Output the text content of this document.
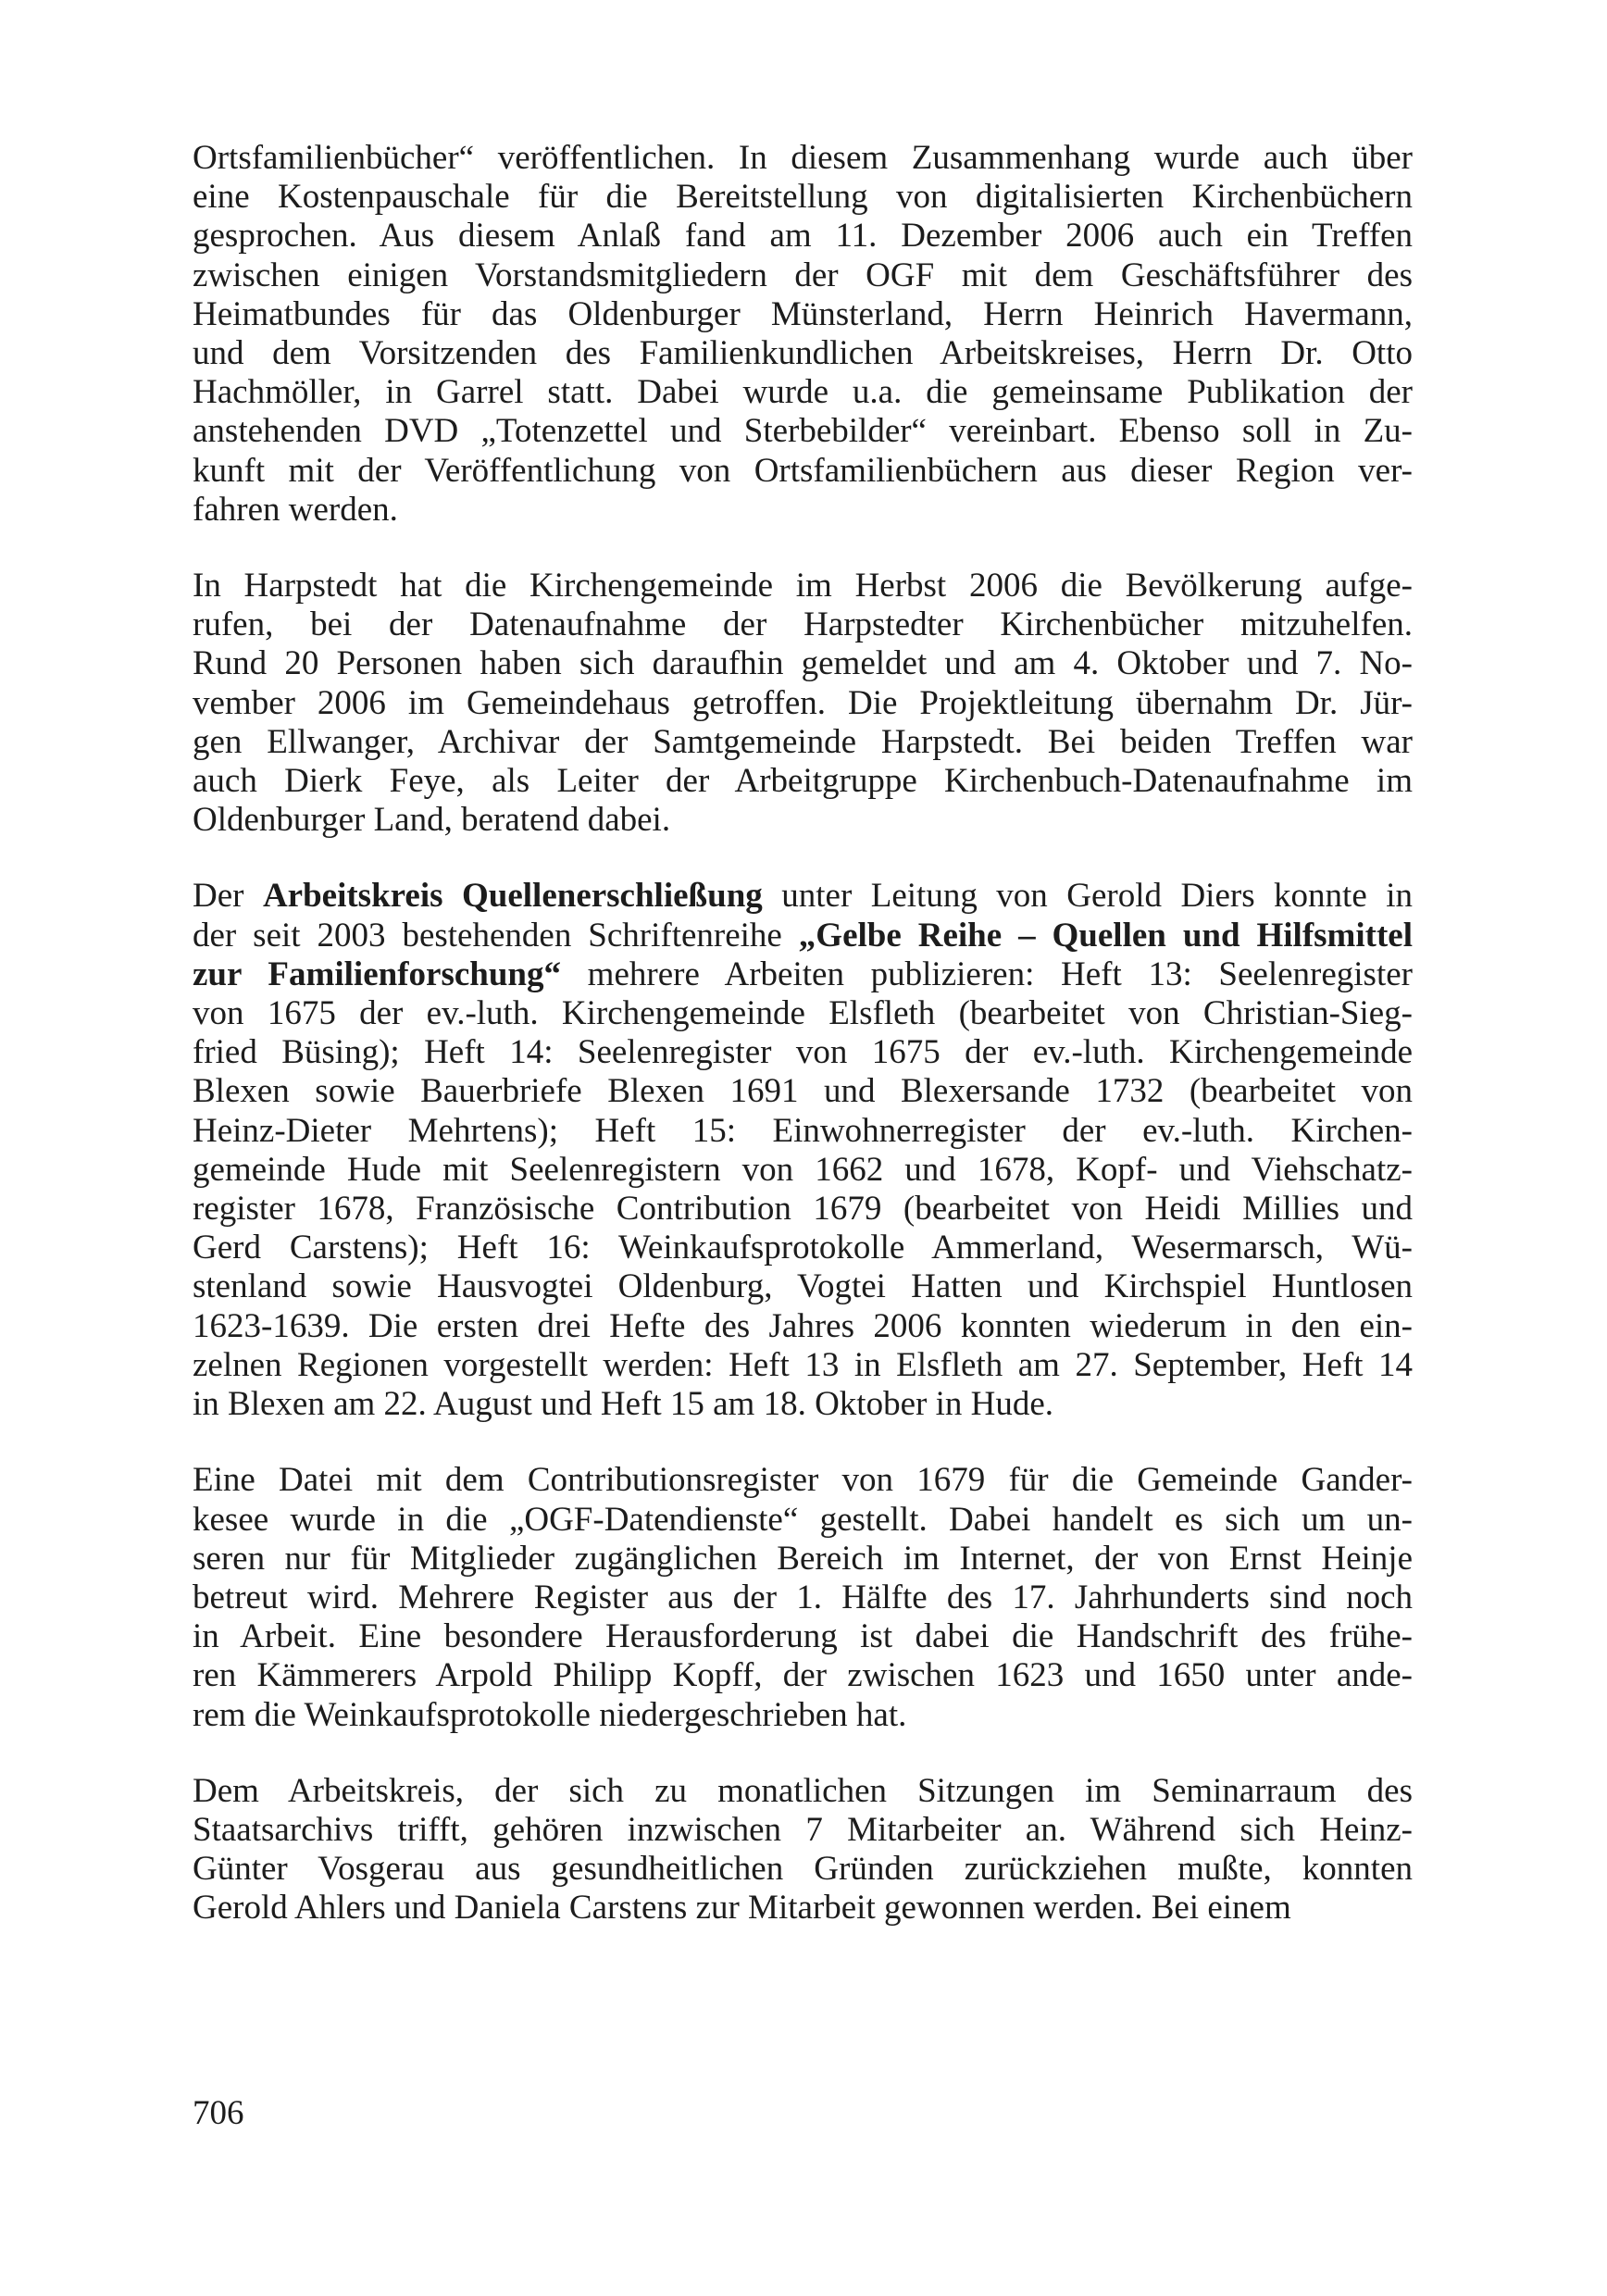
Ortsfamilienbücher“ veröffentlichen. In diesem Zusammenhang wurde auch über
eine Kostenpauschale für die Bereitstellung von digitalisierten Kirchenbüchern
gesprochen. Aus diesem Anlaß fand am 11. Dezember 2006 auch ein Treffen
zwischen einigen Vorstandsmitgliedern der OGF mit dem Geschäftsführer des
Heimatbundes für das Oldenburger Münsterland, Herrn Heinrich Havermann,
und dem Vorsitzenden des Familienkundlichen Arbeitskreises, Herrn Dr. Otto
Hachmöller, in Garrel statt. Dabei wurde u.a. die gemeinsame Publikation der
anstehenden DVD „Totenzettel und Sterbebilder“ vereinbart. Ebenso soll in Zu-
kunft mit der Veröffentlichung von Ortsfamilienbüchern aus dieser Region ver-
fahren werden.

In Harpstedt hat die Kirchengemeinde im Herbst 2006 die Bevölkerung aufge-
rufen, bei der Datenaufnahme der Harpstedter Kirchenbücher mitzuhelfen.
Rund 20 Personen haben sich daraufhin gemeldet und am 4. Oktober und 7. No-
vember 2006 im Gemeindehaus getroffen. Die Projektleitung übernahm Dr. Jür-
gen Ellwanger, Archivar der Samtgemeinde Harpstedt. Bei beiden Treffen war
auch Dierk Feye, als Leiter der Arbeitgruppe Kirchenbuch-Datenaufnahme im
Oldenburger Land, beratend dabei.

Der Arbeitskreis Quellenerschließung unter Leitung von Gerold Diers konnte in
der seit 2003 bestehenden Schriftenreihe „Gelbe Reihe – Quellen und Hilfsmittel
zur Familienforschung“ mehrere Arbeiten publizieren: Heft 13: Seelenregister
von 1675 der ev.-luth. Kirchengemeinde Elsfleth (bearbeitet von Christian-Sieg-
fried Büsing); Heft 14: Seelenregister von 1675 der ev.-luth. Kirchengemeinde
Blexen sowie Bauerbriefe Blexen 1691 und Blexersande 1732 (bearbeitet von
Heinz-Dieter Mehrtens); Heft 15: Einwohnerregister der ev.-luth. Kirchen-
gemeinde Hude mit Seelenregistern von 1662 und 1678, Kopf- und Viehschatz-
register 1678, Französische Contribution 1679 (bearbeitet von Heidi Millies und
Gerd Carstens); Heft 16: Weinkaufsprotokolle Ammerland, Wesermarsch, Wü-
stenland sowie Hausvogtei Oldenburg, Vogtei Hatten und Kirchspiel Huntlosen
1623-1639. Die ersten drei Hefte des Jahres 2006 konnten wiederum in den ein-
zelnen Regionen vorgestellt werden: Heft 13 in Elsfleth am 27. September, Heft 14
in Blexen am 22. August und Heft 15 am 18. Oktober in Hude.

Eine Datei mit dem Contributionsregister von 1679 für die Gemeinde Gander-
kesee wurde in die „OGF-Datendienste“ gestellt. Dabei handelt es sich um un-
seren nur für Mitglieder zugänglichen Bereich im Internet, der von Ernst Heinje
betreut wird. Mehrere Register aus der 1. Hälfte des 17. Jahrhunderts sind noch
in Arbeit. Eine besondere Herausforderung ist dabei die Handschrift des frühe-
ren Kämmerers Arpold Philipp Kopff, der zwischen 1623 und 1650 unter ande-
rem die Weinkaufsprotokolle niedergeschrieben hat.

Dem Arbeitskreis, der sich zu monatlichen Sitzungen im Seminarraum des
Staatsarchivs trifft, gehören inzwischen 7 Mitarbeiter an. Während sich Heinz-
Günter Vosgerau aus gesundheitlichen Gründen zurückziehen mußte, konnten
Gerold Ahlers und Daniela Carstens zur Mitarbeit gewonnen werden. Bei einem

706
